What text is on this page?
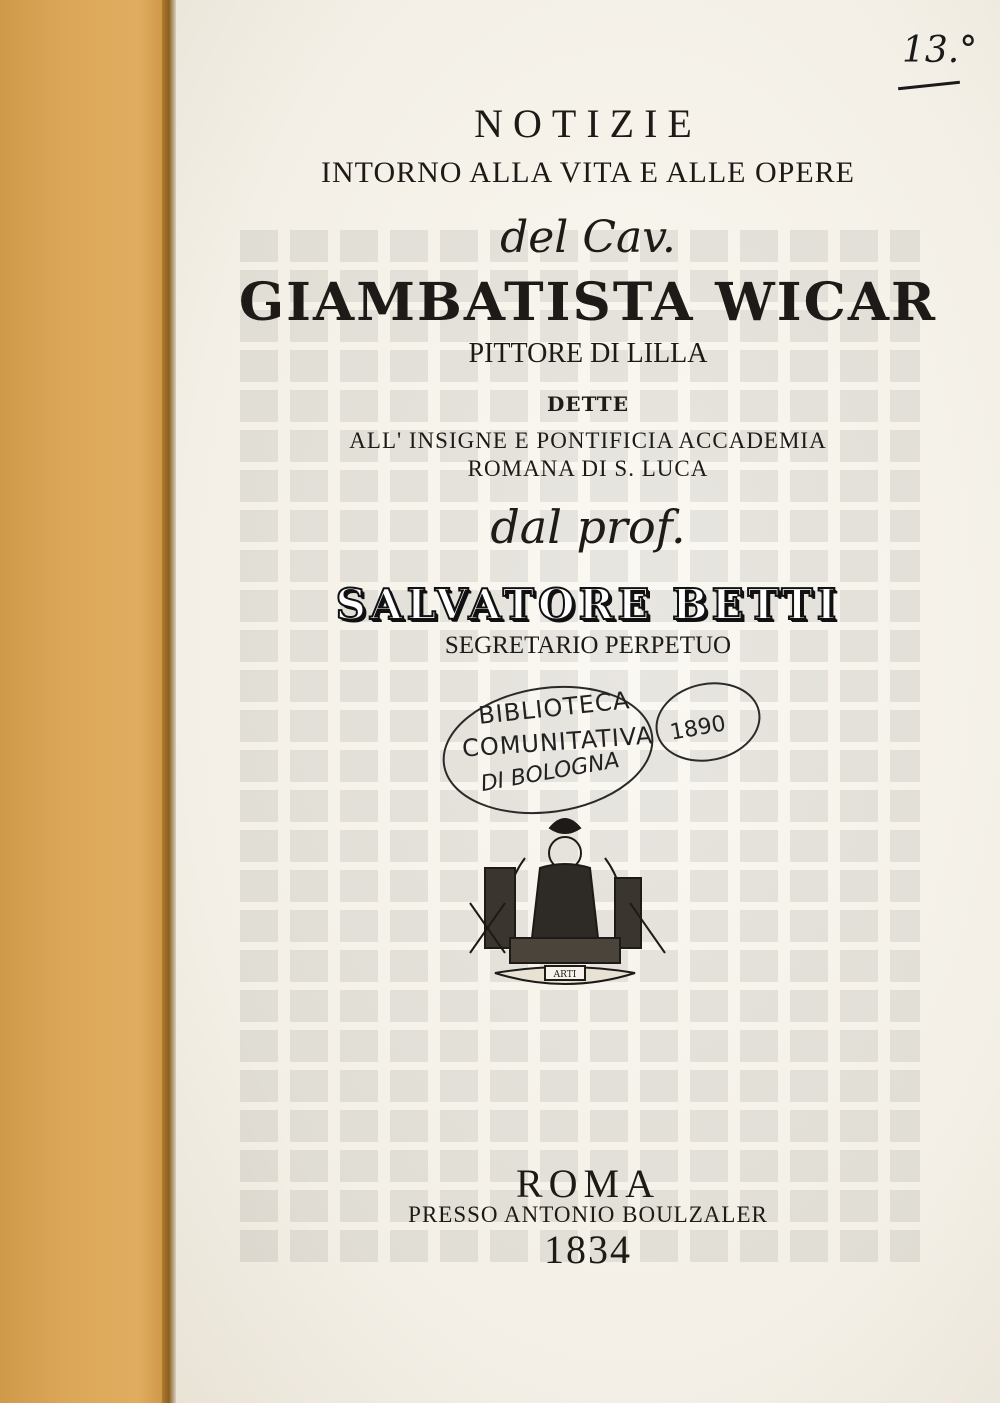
13.°
NOTIZIE
INTORNO ALLA VITA E ALLE OPERE
del Cav.
GIAMBATISTA WICAR
PITTORE DI LILLA
DETTE
ALL' INSIGNE E PONTIFICIA ACCADEMIA
ROMANA DI S. LUCA
dal prof.
SALVATORE BETTI
SEGRETARIO PERPETUO
BIBLIOTECA
COMUNITATIVA
DI BOLOGNA
1890
ARTI
ROMA
PRESSO ANTONIO BOULZALER
1834
